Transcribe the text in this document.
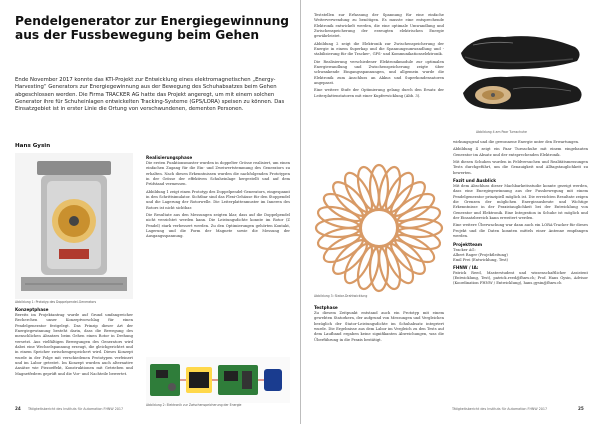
Pendelgenerator zur Energiegewinnung aus der Fussbewegung beim Gehen
Ende November 2017 konnte das KTI-Projekt zur Entwicklung eines elektromagnetischen „Energy-Harvesting“ Generators zur Energiegewinnung aus der Bewegung des Schuhabsatzes beim Gehen abgeschlossen werden. Die Firma TRACKER AG hatte das Projekt angeregt, um mit einem solchen Generator ihre für Schuheinlagen entwickelten Tracking-Systeme (GPS/LORA) speisen zu können. Das Einsatzgebiet ist in erster Linie die Ortung von verschwundenen, dementen Personen.
Hans Gysin
Abbildung 1: Prototyp des Doppelpendel-Generators
Konzeptphase

Bereits im Projektantrag wurde auf Grund umfangreicher Recherchen unser Konzeptvorschlag für einen Pendelgenerator festgelegt. Das Prinzip dieser Art der Energiegewinnung besteht darin, dass die Bewegung des menschlichen Absatzes beim Gehen einen Rotor in Drehung versetzt. Aus vielfältigen Bewegungen des Generators wird dabei eine Wechselspannung erzeugt, die gleichgerichtet und in einem Speicher zwischengespeichert wird. Dieses Konzept wurde in der Folge mit verschiedenen Prototypen verfeinert und im Labor getestet. Im Konzept wurden auch alternative Ansätze wie Piezoeffekt, Konstruktionen mit Getrieben und Magnetfedern geprüft und die Vor- und Nachteile bewertet.

Realisierungsphase

Die ersten Funktionsmuster wurden in doppelter Grösse realisiert, um einen einfachen Zugang für die Ein- und Zweiwertstemmung des Generators zu erhalten. Nach diesen Erkenntnissen wurden die nachfolgenden Prototypen in der Grösse der effektiven Schuheinlage hergestellt und auf dem Prüfstand vermessen.

Abbildung 1 zeigt einen Prototyp des Doppelpendel-Generators, eingespannt in den Schrittsimulator. Sichtbar sind das Flexi-Gehäuse für den Stoppendel und die Lagerung der Rotorwelle. Die Leiterplattenmuster im Inneren des Rotors ist nicht sichtbar.

Die Resultate aus den Messungen zeigten klar, dass auf die Doppelpendel nicht verzichtet werden kann. Die Leistungsdichte konnte im Rotor (Z Pendel) stark verbessert werden. Zu den Optimierungen gehörten Kontakt, Lagerung und die Form der Magnete sowie die Messung der Ausgangsspannung.

Abbildung 2: Elektronik zur Zwischenspeicherung der Energie
24 Tätigkeitsbericht des Instituts für Automation FHNW 2017

Teststellen zur Erfassung der Spannung für eine einfache Weiterverwendung zu benötigen. Es musste eine entsprechende Elektronik entwickelt werden, die eine optimale Umwandlung und Zwischenspeicherung der erzeugten elektrischen Energie gewährleistet.

Abbildung 2 zeigt die Elektronik zur Zwischenspeicherung der Energie in einem Superkap und die Spannungsumwandlung und -stabilisierung für die Tracker-, GPS- und Kommunikationselektronik.

Die Realisierung verschiedener Elektronikmodule zur optimalen Energiewandlung und Zwischenspeicherung zeigte über schwankende Eingangsspannungen, und allgemein wurde die Elektronik zum Anschluss an Akkus und Superkondensatoren angepasst.

Eine weitere Stufe der Optimierung gelang durch den Ersatz der Leiterplattenstatoren mit einer Kupferwicklung (Abb. 3).

Abbildung 4 am Paar Turnschuhe
Abbildung 3: Stator-Drahtwicklung
Testphase

Zu diesem Zeitpunkt entstand auch ein Prototyp mit einem gewebten Statorkern, der aufgrund von Messungen und Vergleichen bezüglich der Stator-Leistungsdichte im Schuhabsatz integriert wurde. Die Ergebnisse aus dem Labor im Vergleich zu den Tests auf dem Laufband ergaben keine signifikanten Abweichungen, was die Überführung in die Praxis bestätigt.

wirkungsgrad und die gewonnene Energie unter den Erwartungen.

Abbildung 4 zeigt ein Paar Turnschuhe mit einem eingebauten Generator im Absatz und der entsprechenden Elektronik.

Mit diesen Schuhen wurden in Feldversuchen und Realitätsmessungen Tests durchgeführt, um die Genauigkeit und Alltagstauglichkeit zu bewerten.

Fazit und Ausblick

Mit dem Abschluss dieser Machbarkeitsstudie konnte gezeigt werden, dass eine Energiegewinnung aus der Fussbewegung mit einem Pendelgenerator prinzipiell möglich ist. Die erreichten Resultate zeigen die Grenzen der möglichen Energieausbeute und Wichtige Erkenntnisse in der Praxistauglichkeit bei der Entwicklung von Generator und Elektronik. Eine Integration in Schuhe ist möglich und der Einsatzbereich kann erweitert werden.

Eine weitere Überwachung war dann auch ein LORA-Tracker für dieses Projekt und die Daten konnten mittels einer Antenne empfangen werden.

Projektteam
Tracker AG:
Albert Rager (Projektleitung)
Emil Frei (Entwicklung, Test)
FHNW / IA:

Patrick Reed, Masterstudent und wissenschaftlicher Assistent (Entwicklung, Test), patrick.reed@fhnw.ch; Prof. Hans Gysin, Advisor (Koordination FHNW / Entwicklung), hans.gysin@fhnw.ch

Tätigkeitsbericht des Instituts für Automation FHNW 2017	25
